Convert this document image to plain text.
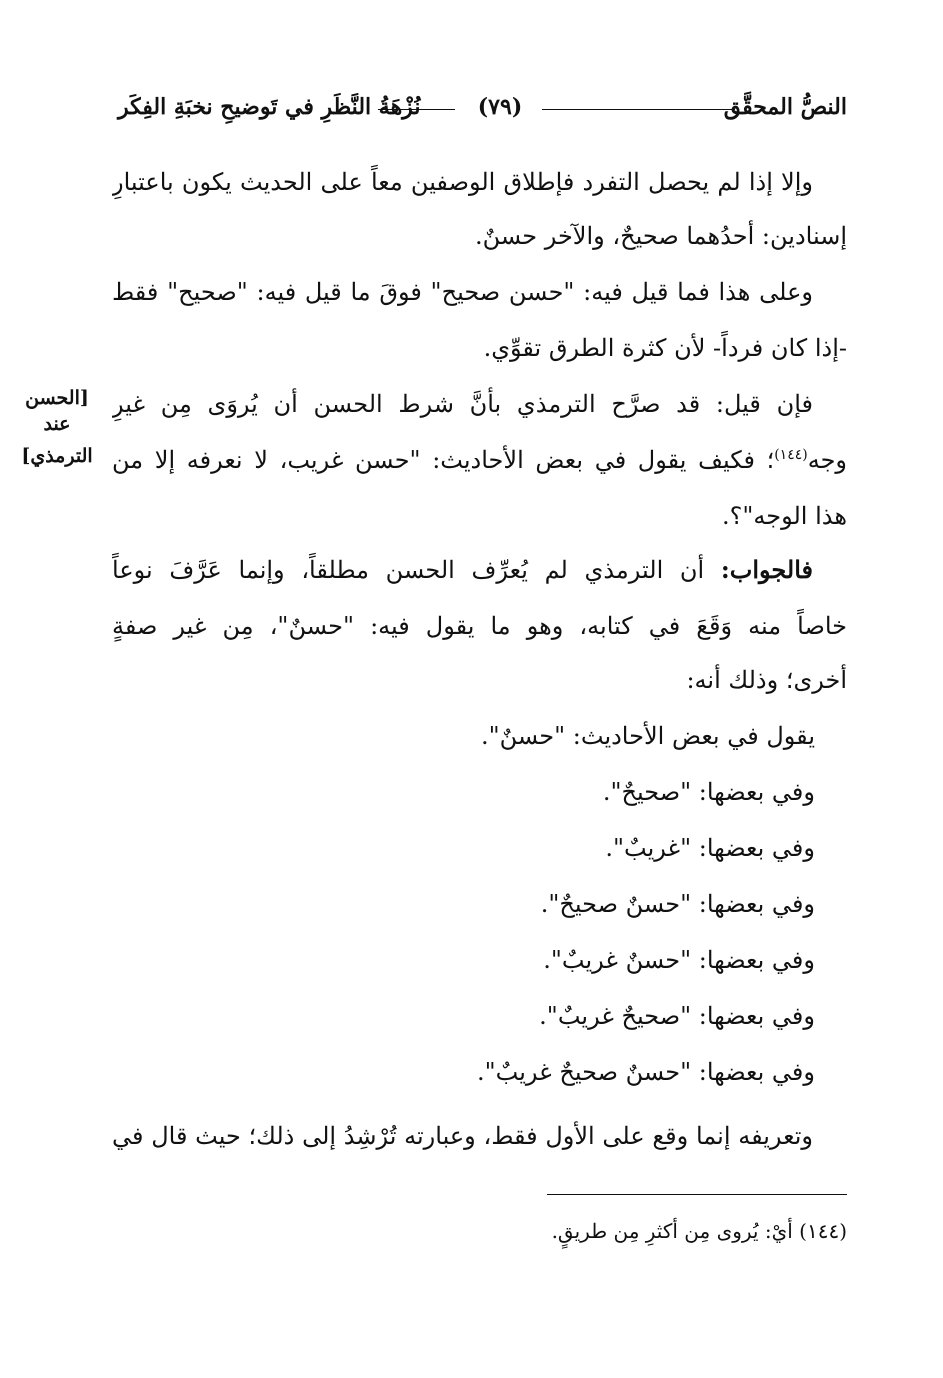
النصُّ المحقَّق
(٧٩)
نُزْهَةُ النَّظَرِ في تَوضيحِ نخبَةِ الفِكَر
وإلا إذا لم يحصل التفرد فإطلاق الوصفين معاً على الحديث يكون باعتبارِ
إسنادين: أحدُهما صحيحٌ، والآخر حسنٌ.
وعلى هذا فما قيل فيه: "حسن صحيح" فوقَ ما قيل فيه: "صحيح" فقط
-إذا كان فرداً- لأن كثرة الطرق تقوِّي.
فإن قيل: قد صرَّح الترمذي بأنَّ شرط الحسن أن يُروَى مِن غيرِ
وجه$^{(١٤٤)}$؛ فكيف يقول في بعض الأحاديث: "حسن غريب، لا نعرفه إلا من
هذا الوجه"؟.
[الحسن
عند
الترمذي]
فالجواب: أن الترمذي لم يُعرِّف الحسن مطلقاً، وإنما عَرَّفَ نوعاً
خاصاً منه وَقَعَ في كتابه، وهو ما يقول فيه: "حسنٌ"، مِن غير صفةٍ
أخرى؛ وذلك أنه:
يقول في بعض الأحاديث: "حسنٌ".
وفي بعضها: "صحيحٌ".
وفي بعضها: "غريبٌ".
وفي بعضها: "حسنٌ صحيحٌ".
وفي بعضها: "حسنٌ غريبٌ".
وفي بعضها: "صحيحٌ غريبٌ".
وفي بعضها: "حسنٌ صحيحٌ غريبٌ".
وتعريفه إنما وقع على الأول فقط، وعبارته تُرْشِدُ إلى ذلك؛ حيث قال في
(١٤٤) أيْ: يُروى مِن أكثرِ مِن طريقٍ.
